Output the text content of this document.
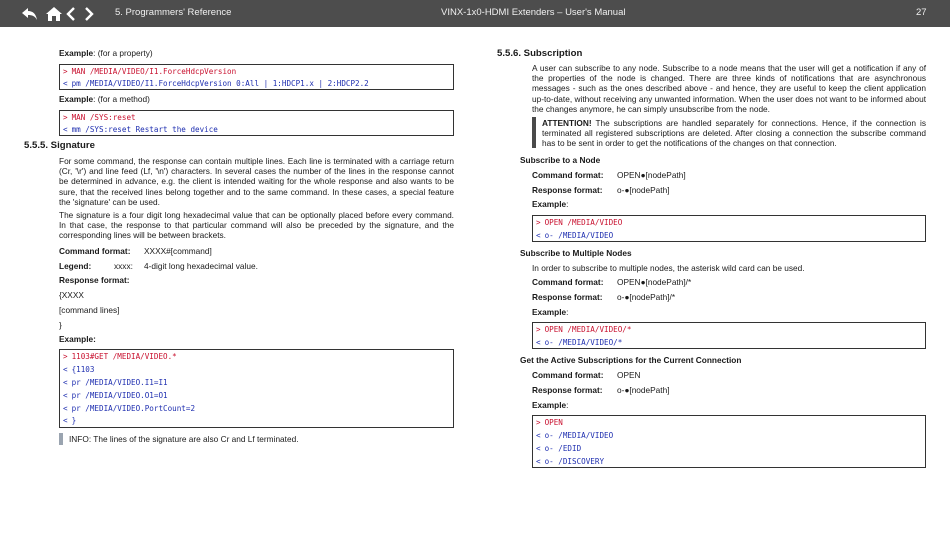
5. Programmers' Reference	VINX-1x0-HDMI Extenders – User's Manual	27
Example: (for a property)
> MAN /MEDIA/VIDEO/I1.ForceHdcpVersion
< pm /MEDIA/VIDEO/I1.ForceHdcpVersion 0:All | 1:HDCP1.x | 2:HDCP2.2
Example: (for a method)
> MAN /SYS:reset
< mm /SYS:reset Restart the device
5.5.5. Signature
For some command, the response can contain multiple lines. Each line is terminated with a carriage return (Cr, '\r') and line feed (Lf, '\n') characters. In several cases the number of the lines in the response cannot be determined in advance, e.g. the client is intended waiting for the whole response and also wants to be sure, that the received lines belong together and to the same command. In these cases, a special feature the 'signature' can be used.
The signature is a four digit long hexadecimal value that can be optionally placed before every command. In that case, the response to that particular command will also be preceded by the signature, and the corresponding lines will be between brackets.
Command format: XXXX#[command]
Legend:	xxxx: 4-digit long hexadecimal value.
Response format:
{XXXX
[command lines]
}
Example:
> 1103#GET /MEDIA/VIDEO.*
< {1103
< pr /MEDIA/VIDEO.I1=I1
< pr /MEDIA/VIDEO.O1=O1
< pr /MEDIA/VIDEO.PortCount=2
< }
INFO: The lines of the signature are also Cr and Lf terminated.
5.5.6. Subscription
A user can subscribe to any node. Subscribe to a node means that the user will get a notification if any of the properties of the node is changed. There are three kinds of notifications that are asynchronous messages - such as the ones described above - and hence, they are useful to keep the client application up-to-date, without receiving any unwanted information. When the user does not want to be informed about the changes anymore, he can simply unsubscribe from the node.
ATTENTION! The subscriptions are handled separately for connections. Hence, if the connection is terminated all registered subscriptions are deleted. After closing a connection the subscribe command has to be sent in order to get the notifications of the changes on that connection.
Subscribe to a Node
Command format: OPEN●[nodePath]
Response format: o-●[nodePath]
Example:
> OPEN /MEDIA/VIDEO
< o- /MEDIA/VIDEO
Subscribe to Multiple Nodes
In order to subscribe to multiple nodes, the asterisk wild card can be used.
Command format: OPEN●[nodePath]/*
Response format: o-●[nodePath]/*
Example:
> OPEN /MEDIA/VIDEO/*
< o- /MEDIA/VIDEO/*
Get the Active Subscriptions for the Current Connection
Command format: OPEN
Response format: o-●[nodePath]
Example:
> OPEN
< o- /MEDIA/VIDEO
< o- /EDID
< o- /DISCOVERY
